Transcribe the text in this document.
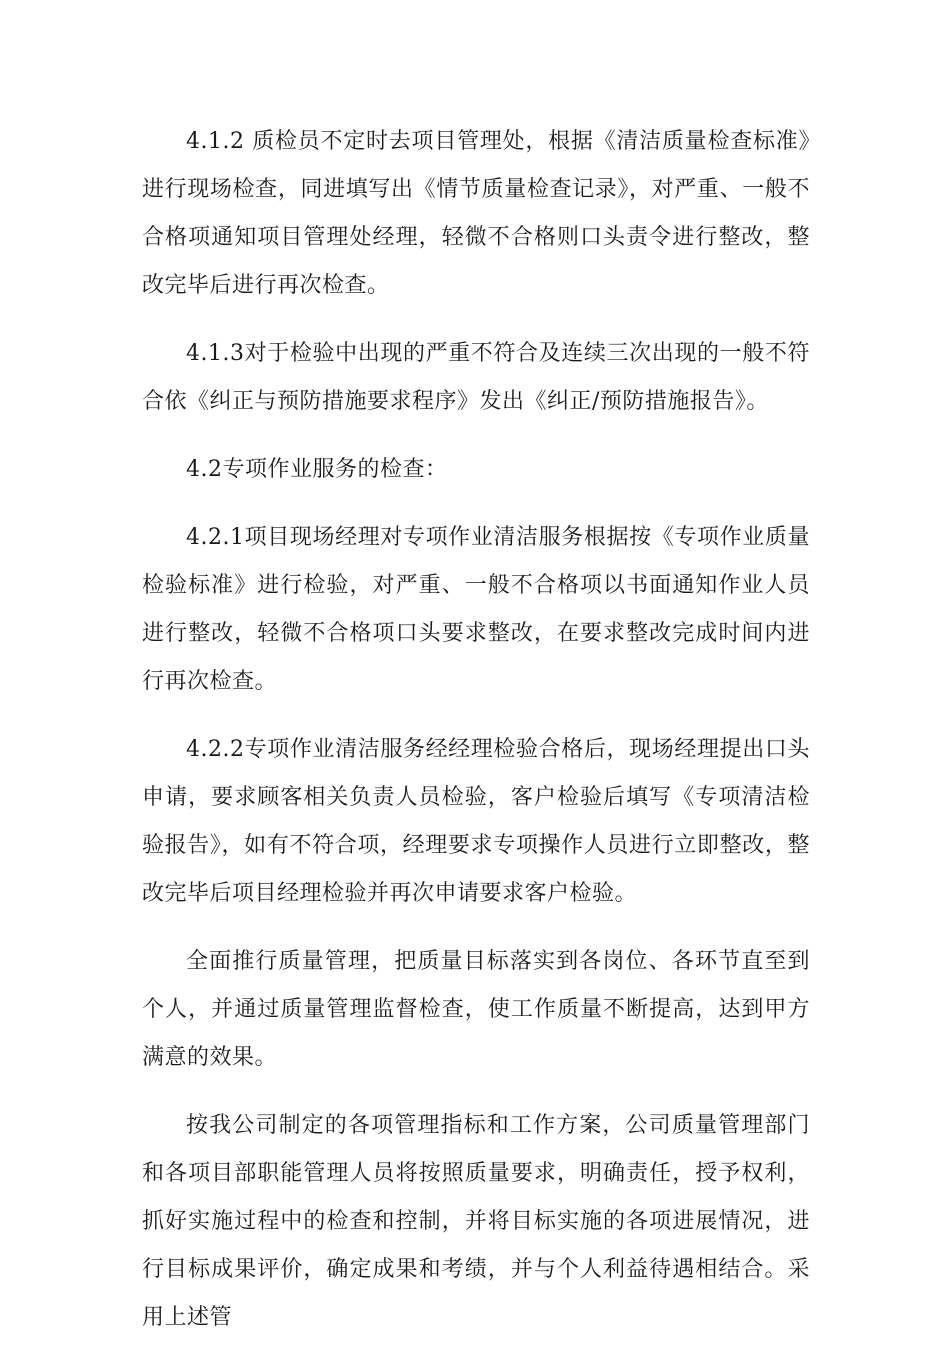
4.1.2 质检员不定时去项目管理处，根据《清洁质量检查标准》进行现场检查，同进填写出《情节质量检查记录》，对严重、一般不合格项通知项目管理处经理，轻微不合格则口头责令进行整改，整改完毕后进行再次检查。

4.1.3对于检验中出现的严重不符合及连续三次出现的一般不符合依《纠正与预防措施要求程序》发出《纠正/预防措施报告》。

4.2专项作业服务的检查：

4.2.1项目现场经理对专项作业清洁服务根据按《专项作业质量检验标准》进行检验，对严重、一般不合格项以书面通知作业人员进行整改，轻微不合格项口头要求整改，在要求整改完成时间内进行再次检查。

4.2.2专项作业清洁服务经经理检验合格后，现场经理提出口头申请，要求顾客相关负责人员检验，客户检验后填写《专项清洁检验报告》，如有不符合项，经理要求专项操作人员进行立即整改，整改完毕后项目经理检验并再次申请要求客户检验。

全面推行质量管理，把质量目标落实到各岗位、各环节直至到个人，并通过质量管理监督检查，使工作质量不断提高，达到甲方满意的效果。

按我公司制定的各项管理指标和工作方案，公司质量管理部门和各项目部职能管理人员将按照质量要求，明确责任，授予权利，抓好实施过程中的检查和控制，并将目标实施的各项进展情况，进行目标成果评价，确定成果和考绩，并与个人利益待遇相结合。采用上述管
